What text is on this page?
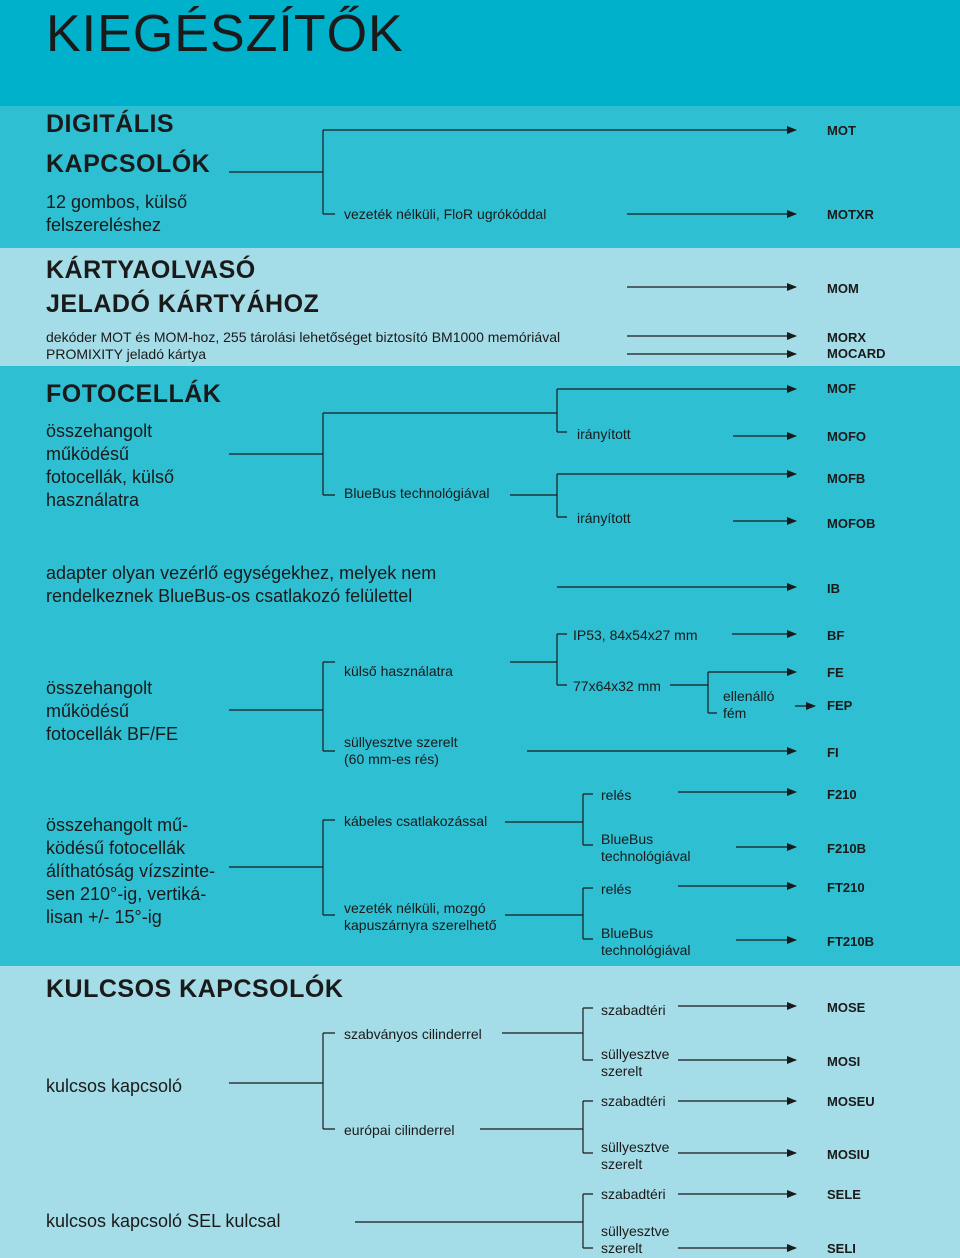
KIEGÉSZÍTŐK
DIGITÁLIS
KAPCSOLÓK
12 gombos, külső
felszereléshez
vezeték nélküli, FloR ugrókóddal
MOT
MOTXR
KÁRTYAOLVASÓ
JELADÓ KÁRTYÁHOZ
dekóder MOT és MOM-hoz, 255 tárolási lehetőséget biztosító BM1000 memóriával
PROMIXITY jeladó kártya
MOM
MORX
MOCARD
FOTOCELLÁK
összehangolt
működésű
fotocellák, külső
használatra	BlueBus technológiával
irányított
irányított
MOF
MOFO
MOFB
MOFOB
adapter olyan vezérlő egységekhez, melyek nem
rendelkeznek BlueBus-os csatlakozó felülettel	IB
összehangolt
működésű
fotocellák BF/FE
IP53, 84x54x27 mm
külső használatra
77x64x32 mm
ellenálló
fém
süllyesztve szerelt
(60 mm-es rés)
BF
FE
FEP
FI
összehangolt mű-
ködésű fotocellák
álíthatóság vízszinte-
sen 210°-ig, vertiká-
lisan +/- 15°-ig
kábeles csatlakozással
vezeték nélküli, mozgó
kapuszárnyra szerelhető
relés
BlueBus
technológiával
relés
BlueBus
technológiával
F210
F210B
FT210
FT210B
KULCSOS KAPCSOLÓK
kulcsos kapcsoló
kulcsos kapcsoló SEL kulcsal
szabványos cilinderrel
európai cilinderrel
szabadtéri
süllyesztve
szerelt
szabadtéri
süllyesztve
szerelt
szabadtéri
süllyesztve
szerelt
MOSE
MOSI
MOSEU
MOSIU
SELE
SELI
